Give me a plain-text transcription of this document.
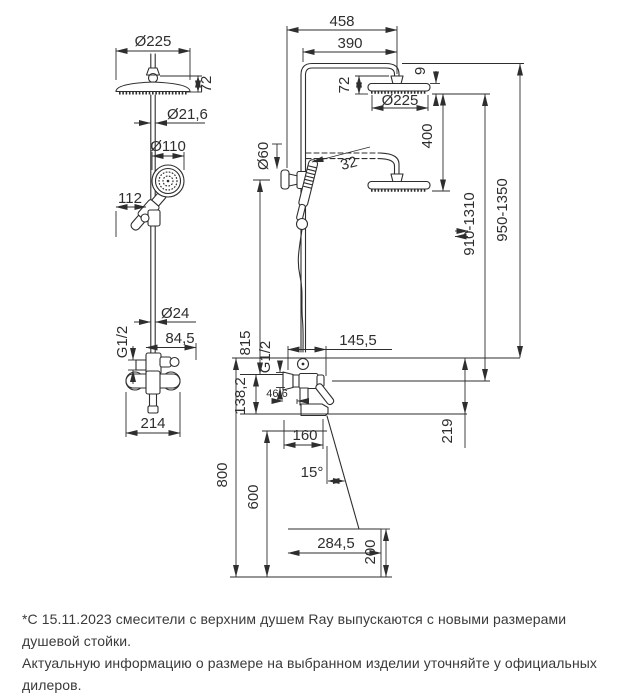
Ø225
72
Ø21,6
Ø110
112
Ø24
G1/2 84,5
214
458
390
72
9
Ø225
400
32
Ø60
815
910-1310 950-1350
G1/2
46,6
138,2
145,5
219
160
15°
800
600
284,5 200
*С 15.11.2023 смесители с верхним душем Ray выпускаются с новыми размерами душевой стойки.
Актуальную информацию о размере на выбранном изделии уточняйте у официальных дилеров.
